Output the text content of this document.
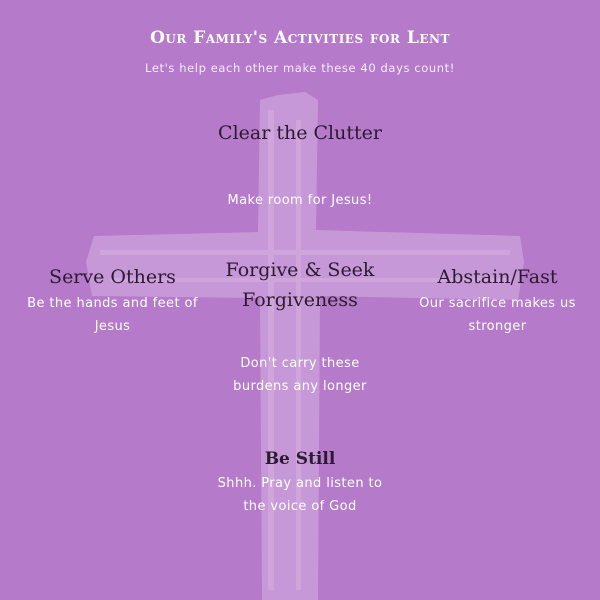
Our Family's Activities for Lent
Let's help each other make these 40 days count!
Clear the Clutter
Make room for Jesus!
Serve Others
Be the hands and feet of Jesus
Forgive & Seek Forgiveness
Don't carry these burdens any longer
Abstain/Fast
Our sacrifice makes us stronger
Be Still
Shhh. Pray and listen to the voice of God
